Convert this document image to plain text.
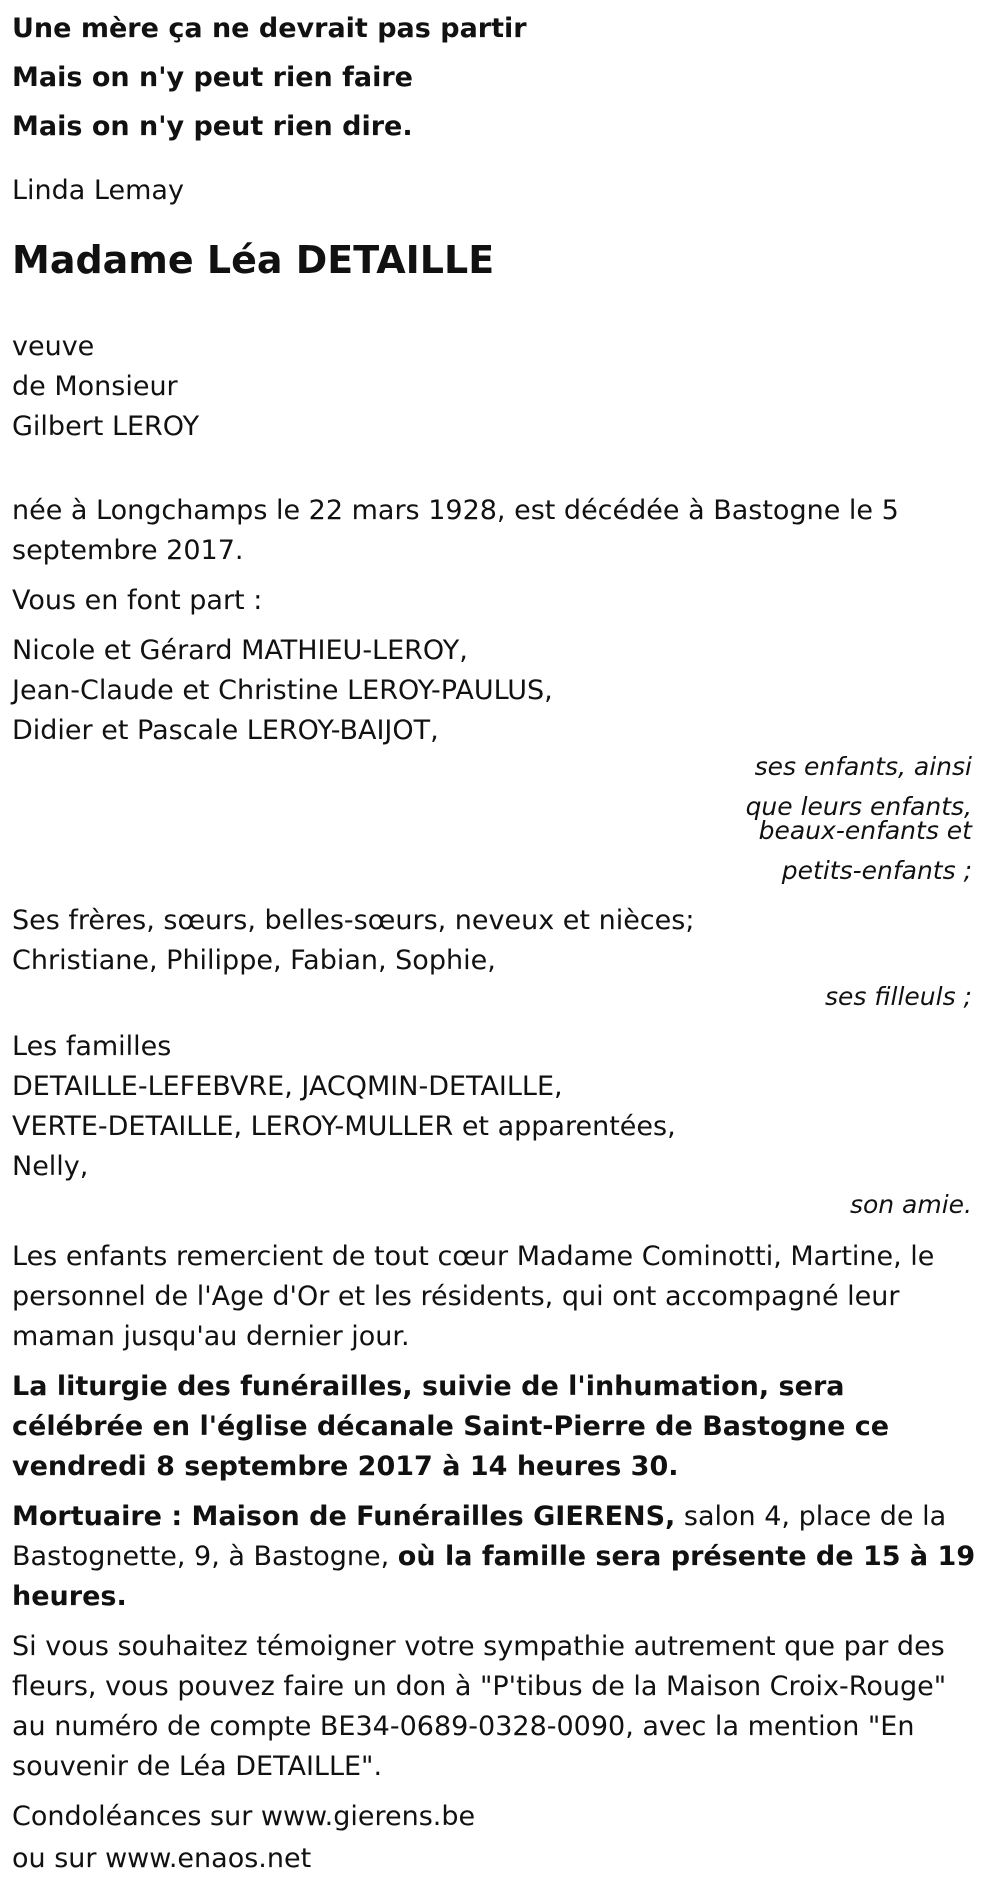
Une mère ça ne devrait pas partir
Mais on n'y peut rien faire
Mais on n'y peut rien dire.
Linda Lemay
Madame Léa DETAILLE
veuve
de Monsieur
Gilbert LEROY
née à Longchamps le 22 mars 1928, est décédée à Bastogne le 5 septembre 2017.
Vous en font part :
Nicole et Gérard MATHIEU-LEROY,
Jean-Claude et Christine LEROY-PAULUS,
Didier et Pascale LEROY-BAIJOT,
ses enfants, ainsi
que leurs enfants,
beaux-enfants et
petits-enfants ;
Ses frères, sœurs, belles-sœurs, neveux et nièces;
Christiane, Philippe, Fabian, Sophie,
ses filleuls ;
Les familles
DETAILLE-LEFEBVRE, JACQMIN-DETAILLE,
VERTE-DETAILLE, LEROY-MULLER et apparentées,
Nelly,
son amie.
Les enfants remercient de tout cœur Madame Cominotti, Martine, le personnel de l'Age d'Or et les résidents, qui ont accompagné leur maman jusqu'au dernier jour.
La liturgie des funérailles, suivie de l'inhumation, sera célébrée en l'église décanale Saint-Pierre de Bastogne ce vendredi 8 septembre 2017 à 14 heures 30.
Mortuaire : Maison de Funérailles GIERENS, salon 4, place de la Bastognette, 9, à Bastogne, où la famille sera présente de 15 à 19 heures.
Si vous souhaitez témoigner votre sympathie autrement que par des fleurs, vous pouvez faire un don à "P'tibus de la Maison Croix-Rouge" au numéro de compte BE34-0689-0328-0090, avec la mention "En souvenir de Léa DETAILLE".
Condoléances sur www.gierens.be
ou sur www.enaos.net
